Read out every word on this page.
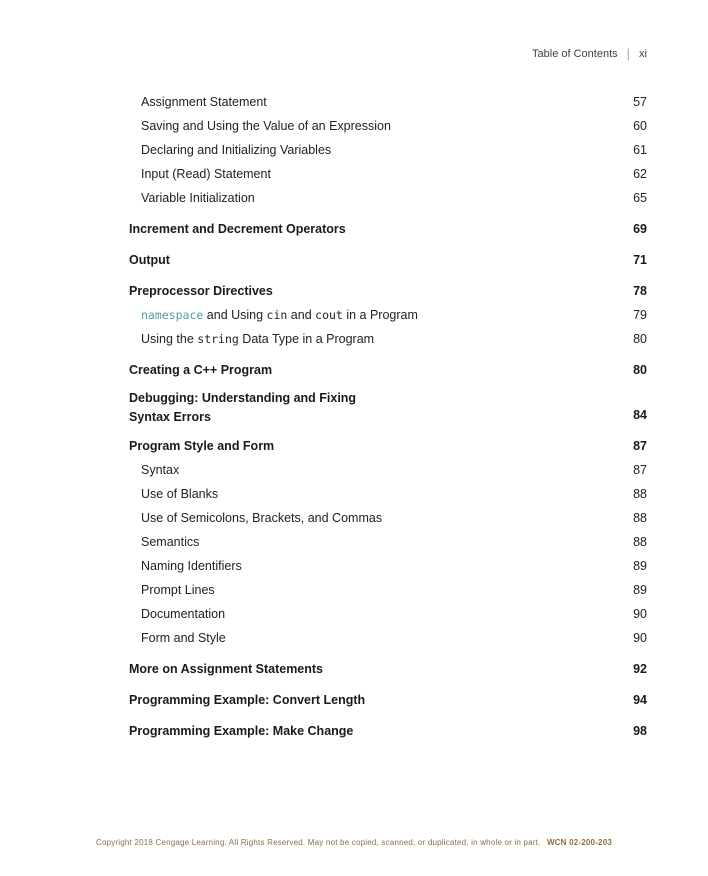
Table of Contents | xi
Assignment Statement	57
Saving and Using the Value of an Expression	60
Declaring and Initializing Variables	61
Input (Read) Statement	62
Variable Initialization	65
Increment and Decrement Operators	69
Output	71
Preprocessor Directives	78
namespace and Using cin and cout in a Program	79
Using the string Data Type in a Program	80
Creating a C++ Program	80
Debugging: Understanding and Fixing
Syntax Errors	84
Program Style and Form	87
Syntax	87
Use of Blanks	88
Use of Semicolons, Brackets, and Commas	88
Semantics	88
Naming Identifiers	89
Prompt Lines	89
Documentation	90
Form and Style	90
More on Assignment Statements	92
Programming Example: Convert Length	94
Programming Example: Make Change	98
Copyright 2018 Cengage Learning. All Rights Reserved. May not be copied, scanned, or duplicated, in whole or in part. WCN 02-200-203
